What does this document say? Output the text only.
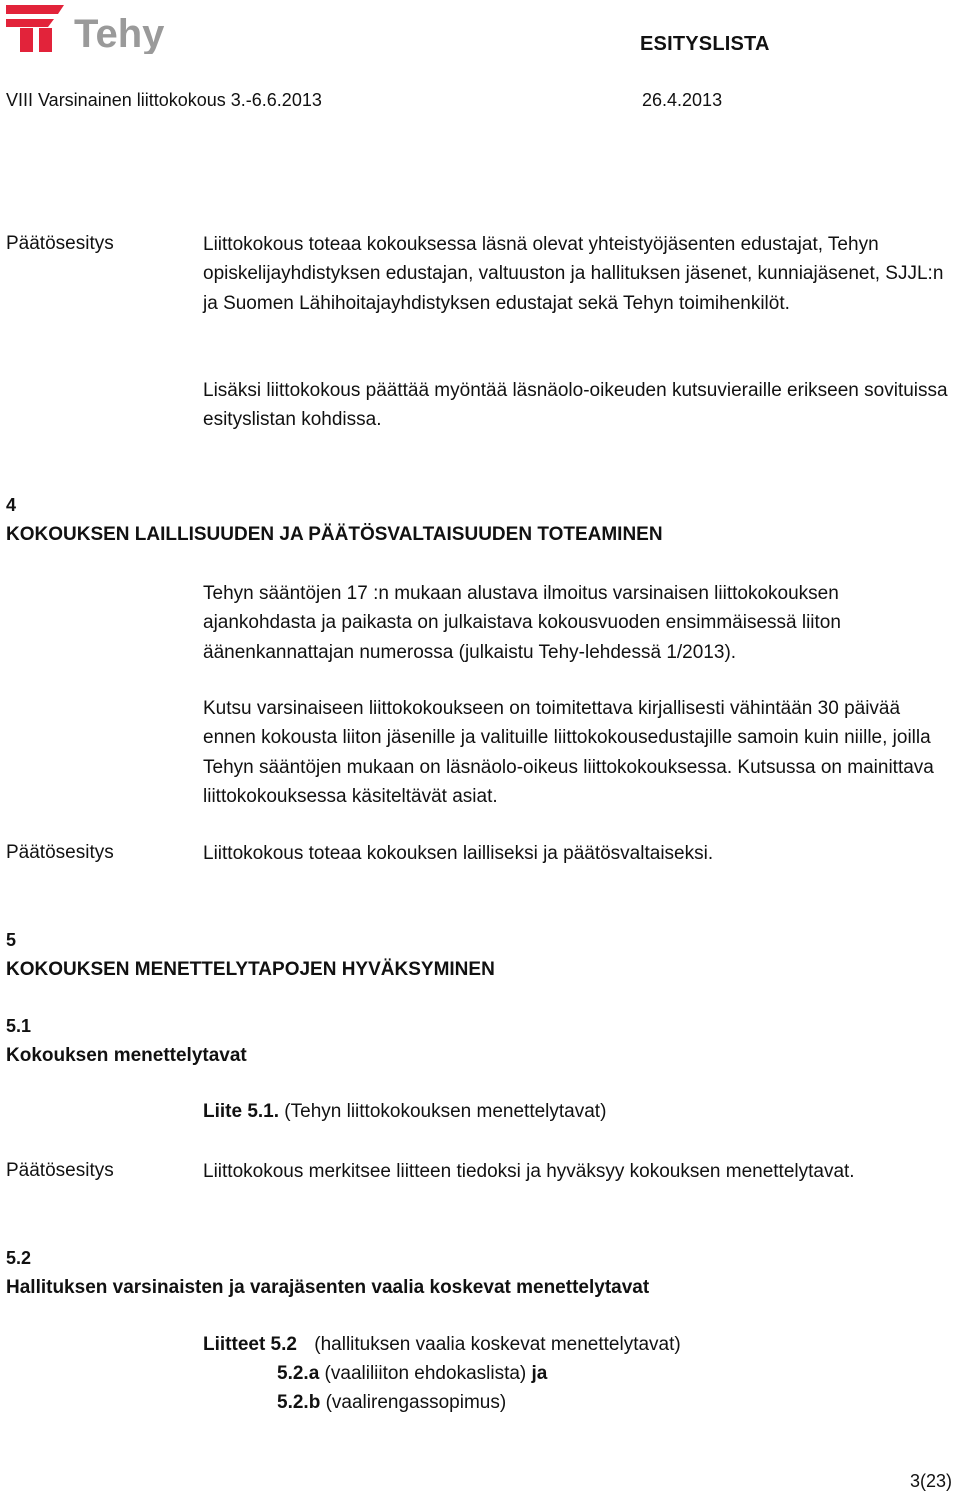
Tehy	ESITYSLISTA
VIII Varsinainen liittokokous 3.-6.6.2013	26.4.2013
Päätösesitys	Liittokokous toteaa kokouksessa läsnä olevat yhteistyöjäsenten edustajat, Tehyn opiskelijayhdistyksen edustajan, valtuuston ja hallituksen jäsenet, kunniajäsenet, SJJL:n ja Suomen Lähihoitajayhdistyksen edustajat sekä Tehyn toimihenkilöt.
Lisäksi liittokokous päättää myöntää läsnäolo-oikeuden kutsuvieraille erikseen sovituissa esityslistan kohdissa.
4
KOKOUKSEN LAILLISUUDEN JA PÄÄTÖSVALTAISUUDEN TOTEAMINEN
Tehyn sääntöjen 17 :n mukaan alustava ilmoitus varsinaisen liittokokouksen ajankohdasta ja paikasta on julkaistava kokousvuoden ensimmäisessä liiton äänenkannattajan numerossa (julkaistu Tehy-lehdessä 1/2013).
Kutsu varsinaiseen liittokokoukseen on toimitettava kirjallisesti vähintään 30 päivää ennen kokousta liiton jäsenille ja valituille liittokokousedustajille samoin kuin niille, joilla Tehyn sääntöjen mukaan on läsnäolo-oikeus liittokokouksessa. Kutsussa on mainittava liittokokouksessa käsiteltävät asiat.
Päätösesitys	Liittokokous toteaa kokouksen lailliseksi ja päätösvaltaiseksi.
5
KOKOUKSEN MENETTELYTAPOJEN HYVÄKSYMINEN
5.1
Kokouksen menettelytavat
Liite 5.1. (Tehyn liittokokouksen menettelytavat)
Päätösesitys	Liittokokous merkitsee liitteen tiedoksi ja hyväksyy kokouksen menettelytavat.
5.2
Hallituksen varsinaisten ja varajäsenten vaalia koskevat menettelytavat
Liitteet 5.2 (hallituksen vaalia koskevat menettelytavat)
5.2.a (vaaliliiton ehdokaslista) ja
5.2.b (vaalirengassopimus)
3(23)
